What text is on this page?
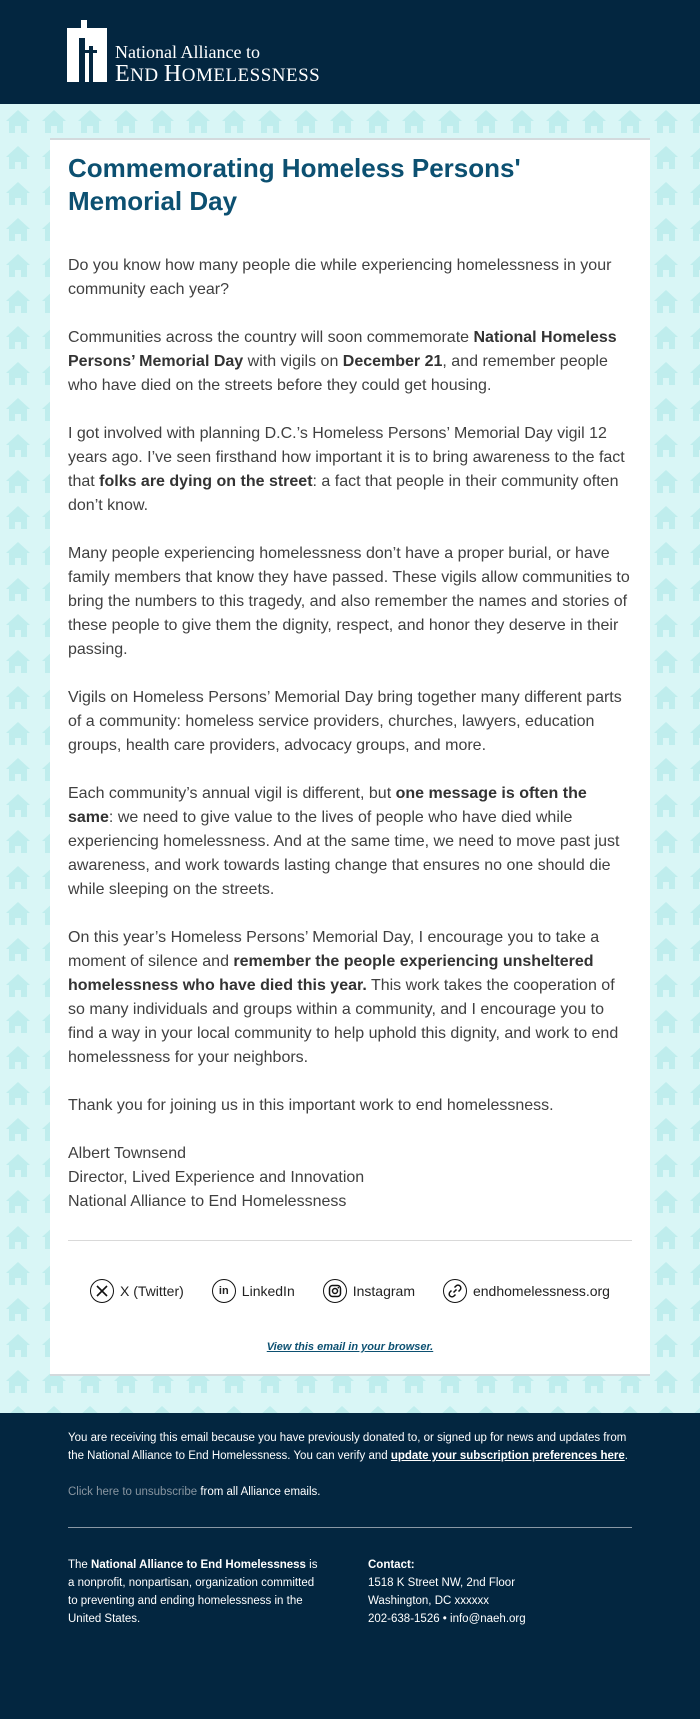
National Alliance to
END HOMELESSNESS
Commemorating Homeless Persons' Memorial Day

Do you know how many people die while experiencing homelessness in your community each year?

Communities across the country will soon commemorate National Homeless Persons’ Memorial Day with vigils on December 21, and remember people who have died on the streets before they could get housing.

I got involved with planning D.C.’s Homeless Persons’ Memorial Day vigil 12 years ago. I’ve seen firsthand how important it is to bring awareness to the fact that folks are dying on the street: a fact that people in their community often don’t know.

Many people experiencing homelessness don’t have a proper burial, or have family members that know they have passed. These vigils allow communities to bring the numbers to this tragedy, and also remember the names and stories of these people to give them the dignity, respect, and honor they deserve in their passing.

Vigils on Homeless Persons’ Memorial Day bring together many different parts of a community: homeless service providers, churches, lawyers, education groups, health care providers, advocacy groups, and more.

Each community’s annual vigil is different, but one message is often the same: we need to give value to the lives of people who have died while experiencing homelessness. And at the same time, we need to move past just awareness, and work towards lasting change that ensures no one should die while sleeping on the streets.

On this year’s Homeless Persons’ Memorial Day, I encourage you to take a moment of silence and remember the people experiencing unsheltered homelessness who have died this year. This work takes the cooperation of so many individuals and groups within a community, and I encourage you to find a way in your local community to help uphold this dignity, and work to end homelessness for your neighbors.

Thank you for joining us in this important work to end homelessness.

Albert Townsend

Director, Lived Experience and Innovation

National Alliance to End Homelessness

X (Twitter)	in LinkedIn	Instagram	endhomelessness.org
View this email in your browser.
You are receiving this email because you have previously donated to, or signed up for news and updates from the National Alliance to End Homelessness. You can verify and update your subscription preferences here.
Click here to unsubscribe from all Alliance emails.
The National Alliance to End Homelessness is a nonprofit, nonpartisan, organization committed to preventing and ending homelessness in the United States.
Contact:
1518 K Street NW, 2nd Floor
Washington, DC xxxxxx
202-638-1526 • info@naeh.org
